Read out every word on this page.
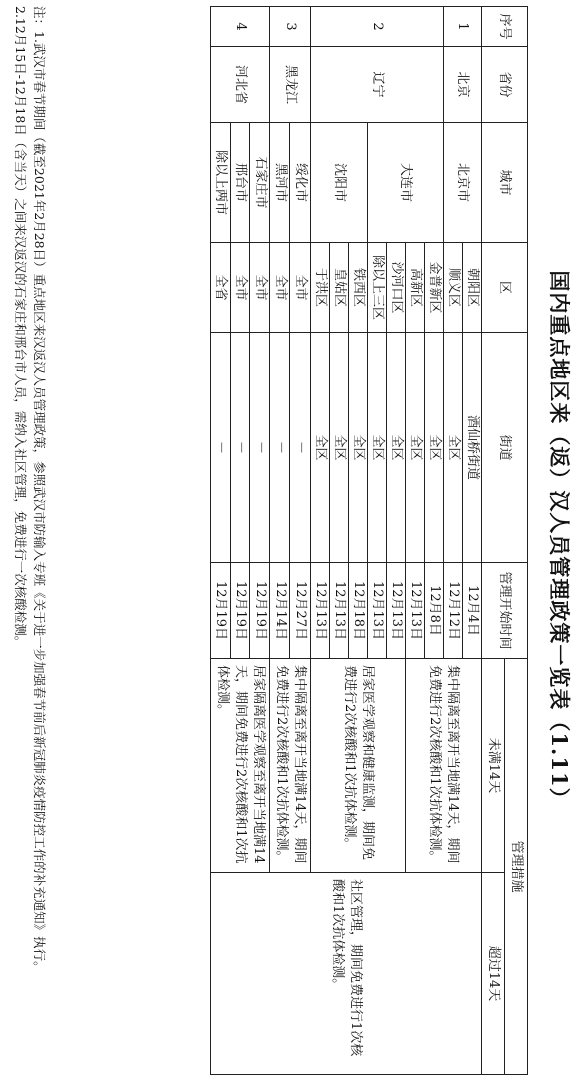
国内重点地区来（返）汉人员管理政策一览表（1.11）
序号	省份	城市	区	街道	管理开始时间	管理措施	
						未满14天	超过14天
1	北京	北京市	朝阳区	酒仙桥街道	12月4日	集中隔离至离开当地满14天，期间免费进行2次核酸和1次抗体检测。	社区管理，期间免费进行1次核酸和1次抗体检测。
			顺义区	全区	12月12日		
2	辽宁	大连市	金普新区	全区	12月8日		
			高新区	全区	12月13日		
			沙河口区	全区	12月13日	居家医学观察和健康监测，期间免费进行2次核酸和1次抗体检测。	
			除以上三区	全区	12月13日		
		沈阳市	铁西区	全区	12月18日		
			皇姑区	全区	12月13日		
			于洪区	全区	12月13日		
3	黑龙江	绥化市	全市	－	12月27日	集中隔离至离开当地满14天，期间免费进行2次核酸和1次抗体检测。	
		黑河市	全市	－	12月14日		
4	河北省	石家庄市	全市	－	12月19日	居家隔离医学观察至离开当地满14天，期间免费进行2次核酸和1次抗体检测。	
		邢台市	全市	－	12月19日		
		除以上两市	全省	－	12月19日		
注：1.武汉市春节期间（截至2021年2月28日）重点地区来汉返汉人员管理政策，参照武汉市防输入专班《关于进一步加强春节前后新冠肺炎疫情防控工作的补充通知》执行。
2.12月15日-12月18日（含当天）之间来汉返汉的石家庄和邢台市人员，需纳入社区管理，免费进行一次核酸检测。
